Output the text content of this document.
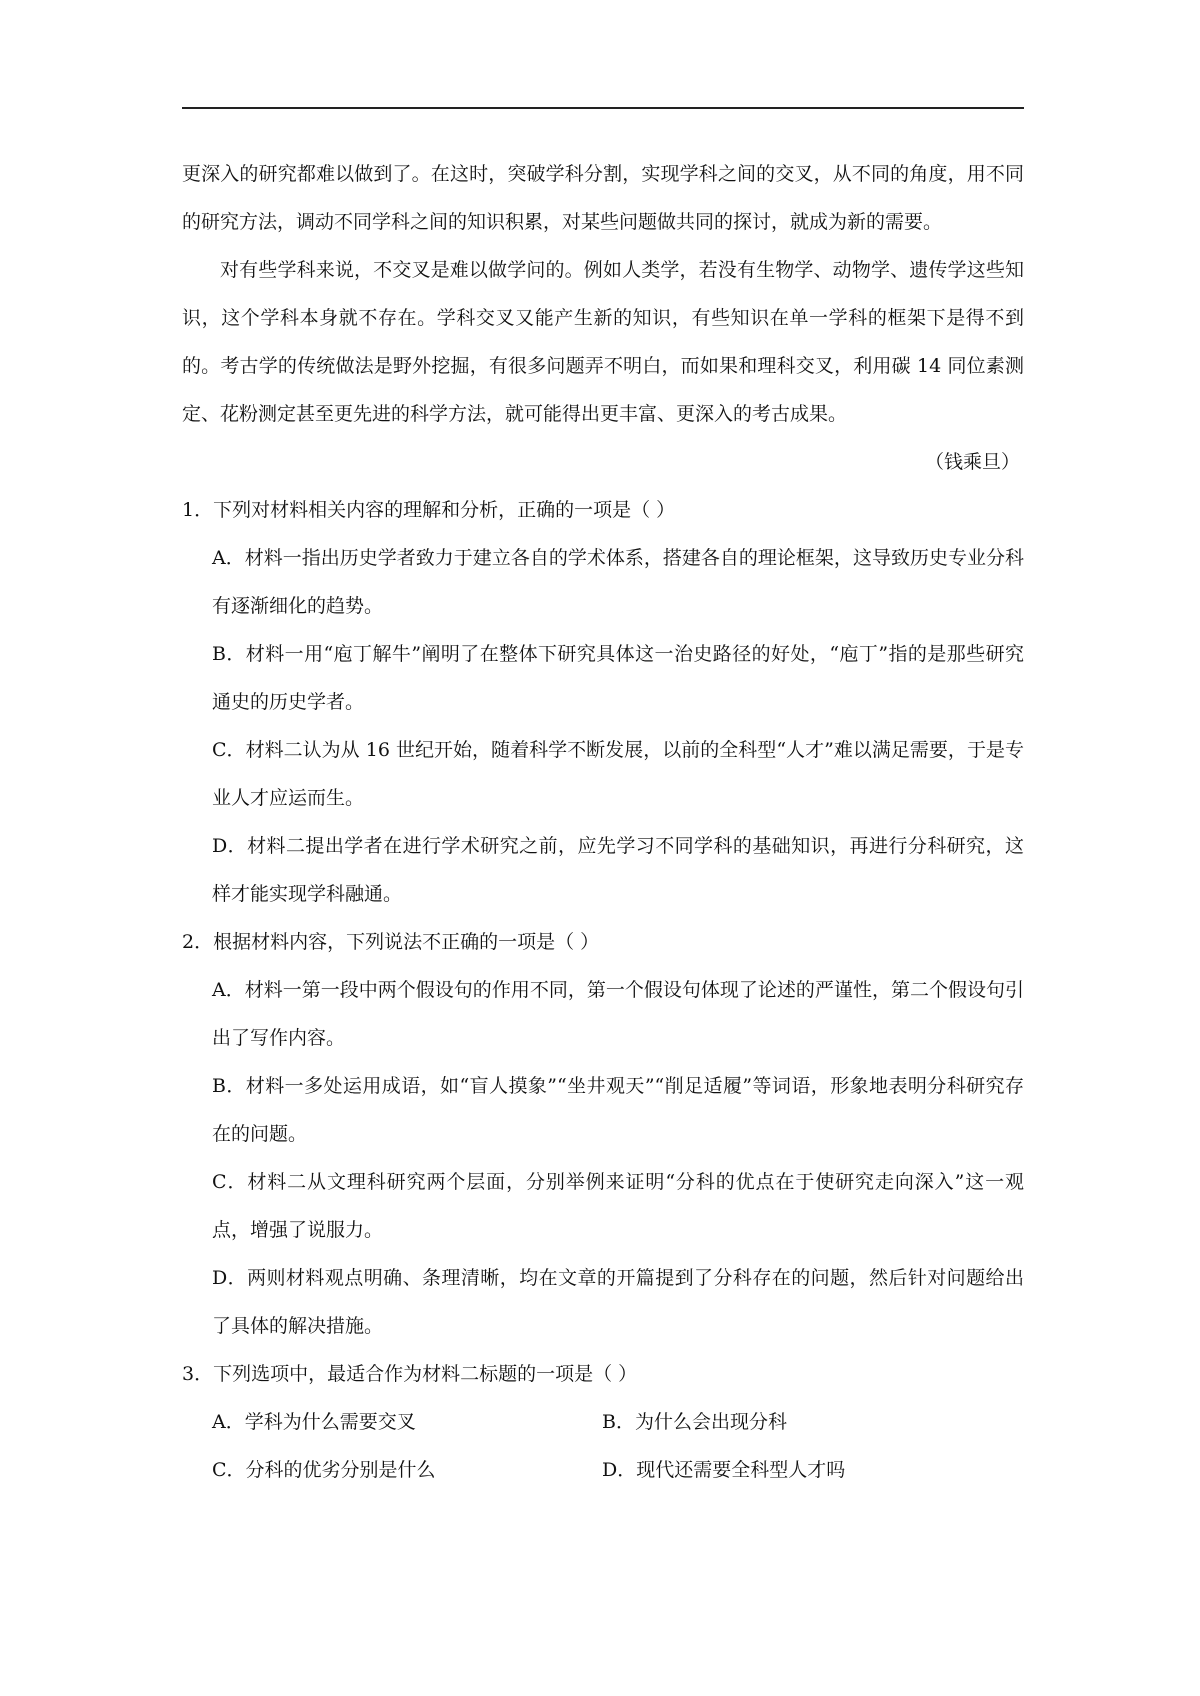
更深入的研究都难以做到了。在这时，突破学科分割，实现学科之间的交叉，从不同的角度，用不同的研究方法，调动不同学科之间的知识积累，对某些问题做共同的探讨，就成为新的需要。

对有些学科来说，不交叉是难以做学问的。例如人类学，若没有生物学、动物学、遗传学这些知识，这个学科本身就不存在。学科交叉又能产生新的知识，有些知识在单一学科的框架下是得不到的。考古学的传统做法是野外挖掘，有很多问题弄不明白，而如果和理科交叉，利用碳 14 同位素测定、花粉测定甚至更先进的科学方法，就可能得出更丰富、更深入的考古成果。

（钱乘旦）

1．下列对材料相关内容的理解和分析，正确的一项是（ ）

A．材料一指出历史学者致力于建立各自的学术体系，搭建各自的理论框架，这导致历史专业分科有逐渐细化的趋势。

B．材料一用“庖丁解牛”阐明了在整体下研究具体这一治史路径的好处，“庖丁”指的是那些研究通史的历史学者。

C．材料二认为从 16 世纪开始，随着科学不断发展，以前的全科型“人才”难以满足需要，于是专业人才应运而生。

D．材料二提出学者在进行学术研究之前，应先学习不同学科的基础知识，再进行分科研究，这样才能实现学科融通。

2．根据材料内容，下列说法不正确的一项是（ ）

A．材料一第一段中两个假设句的作用不同，第一个假设句体现了论述的严谨性，第二个假设句引出了写作内容。

B．材料一多处运用成语，如“盲人摸象”“坐井观天”“削足适履”等词语，形象地表明分科研究存在的问题。

C．材料二从文理科研究两个层面，分别举例来证明“分科的优点在于使研究走向深入”这一观点，增强了说服力。

D．两则材料观点明确、条理清晰，均在文章的开篇提到了分科存在的问题，然后针对问题给出了具体的解决措施。

3．下列选项中，最适合作为材料二标题的一项是（ ）

A．学科为什么需要交叉	B．为什么会出现分科
C．分科的优劣分别是什么	D．现代还需要全科型人才吗
